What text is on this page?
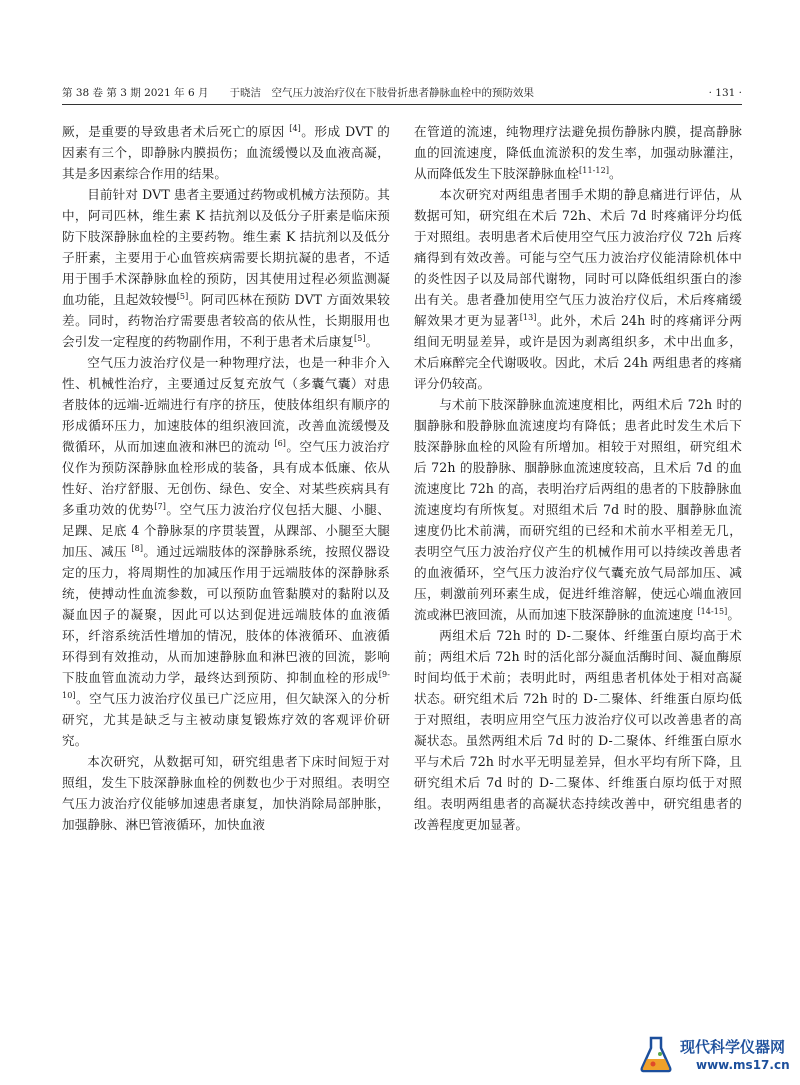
第 38 卷 第 3 期 2021 年 6 月　　 于晓洁　空气压力波治疗仪在下肢骨折患者静脉血栓中的预防效果	· 131 ·

厥，是重要的导致患者术后死亡的原因 [4]。形成 DVT 的因素有三个，即静脉内膜损伤；血流缓慢以及血液高凝，其是多因素综合作用的结果。

目前针对 DVT 患者主要通过药物或机械方法预防。其中，阿司匹林，维生素 K 拮抗剂以及低分子肝素是临床预防下肢深静脉血栓的主要药物。维生素 K 拮抗剂以及低分子肝素，主要用于心血管疾病需要长期抗凝的患者，不适用于围手术深静脉血栓的预防，因其使用过程必须监测凝血功能，且起效较慢[5]。阿司匹林在预防 DVT 方面效果较差。同时，药物治疗需要患者较高的依从性，长期服用也会引发一定程度的药物副作用，不利于患者术后康复[5]。

空气压力波治疗仪是一种物理疗法，也是一种非介入性、机械性治疗，主要通过反复充放气（多囊气囊）对患者肢体的远端-近端进行有序的挤压，使肢体组织有顺序的形成循环压力，加速肢体的组织液回流，改善血流缓慢及微循环，从而加速血液和淋巴的流动 [6]。空气压力波治疗仪作为预防深静脉血栓形成的装备，具有成本低廉、依从性好、治疗舒服、无创伤、绿色、安全、对某些疾病具有多重功效的优势[7]。空气压力波治疗仪包括大腿、小腿、足踝、足底 4 个静脉泵的序贯装置，从踝部、小腿至大腿加压、减压 [8]。通过远端肢体的深静脉系统，按照仪器设定的压力，将周期性的加减压作用于远端肢体的深静脉系统，使搏动性血流参数，可以预防血管黏膜对的黏附以及凝血因子的凝聚，因此可以达到促进远端肢体的血液循环，纤溶系统活性增加的情况，肢体的体液循环、血液循环得到有效推动，从而加速静脉血和淋巴液的回流，影响下肢血管血流动力学，最终达到预防、抑制血栓的形成[9-10]。空气压力波治疗仪虽已广泛应用，但欠缺深入的分析研究，尤其是缺乏与主被动康复锻炼疗效的客观评价研究。

本次研究，从数据可知，研究组患者下床时间短于对照组，发生下肢深静脉血栓的例数也少于对照组。表明空气压力波治疗仪能够加速患者康复，加快消除局部肿胀，加强静脉、淋巴管液循环，加快血液

在管道的流速，纯物理疗法避免损伤静脉内膜，提高静脉血的回流速度，降低血流淤积的发生率，加强动脉灌注，从而降低发生下肢深静脉血栓[11-12]。

本次研究对两组患者围手术期的静息痛进行评估，从数据可知，研究组在术后 72h、术后 7d 时疼痛评分均低于对照组。表明患者术后使用空气压力波治疗仪 72h 后疼痛得到有效改善。可能与空气压力波治疗仪能清除机体中的炎性因子以及局部代谢物，同时可以降低组织蛋白的渗出有关。患者叠加使用空气压力波治疗仪后，术后疼痛缓解效果才更为显著[13]。此外，术后 24h 时的疼痛评分两组间无明显差异，或许是因为剥离组织多，术中出血多，术后麻醉完全代谢吸收。因此，术后 24h 两组患者的疼痛评分仍较高。

与术前下肢深静脉血流速度相比，两组术后 72h 时的腘静脉和股静脉血流速度均有降低；患者此时发生术后下肢深静脉血栓的风险有所增加。相较于对照组，研究组术后 72h 的股静脉、腘静脉血流速度较高，且术后 7d 的血流速度比 72h 的高，表明治疗后两组的患者的下肢静脉血流速度均有所恢复。对照组术后 7d 时的股、腘静脉血流速度仍比术前满，而研究组的已经和术前水平相差无几，表明空气压力波治疗仪产生的机械作用可以持续改善患者的血液循环，空气压力波治疗仪气囊充放气局部加压、减压，刺激前列环素生成，促进纤维溶解，使远心端血液回流或淋巴液回流，从而加速下肢深静脉的血流速度 [14-15]。

两组术后 72h 时的 D-二聚体、纤维蛋白原均高于术前；两组术后 72h 时的活化部分凝血活酶时间、凝血酶原时间均低于术前；表明此时，两组患者机体处于相对高凝状态。研究组术后 72h 时的 D-二聚体、纤维蛋白原均低于对照组，表明应用空气压力波治疗仪可以改善患者的高凝状态。虽然两组术后 7d 时的 D-二聚体、纤维蛋白原水平与术后 72h 时水平无明显差异，但水平均有所下降，且研究组术后 7d 时的 D-二聚体、纤维蛋白原均低于对照组。表明两组患者的高凝状态持续改善中，研究组患者的改善程度更加显著。

现代科学仪器网
www.ms17.cn
